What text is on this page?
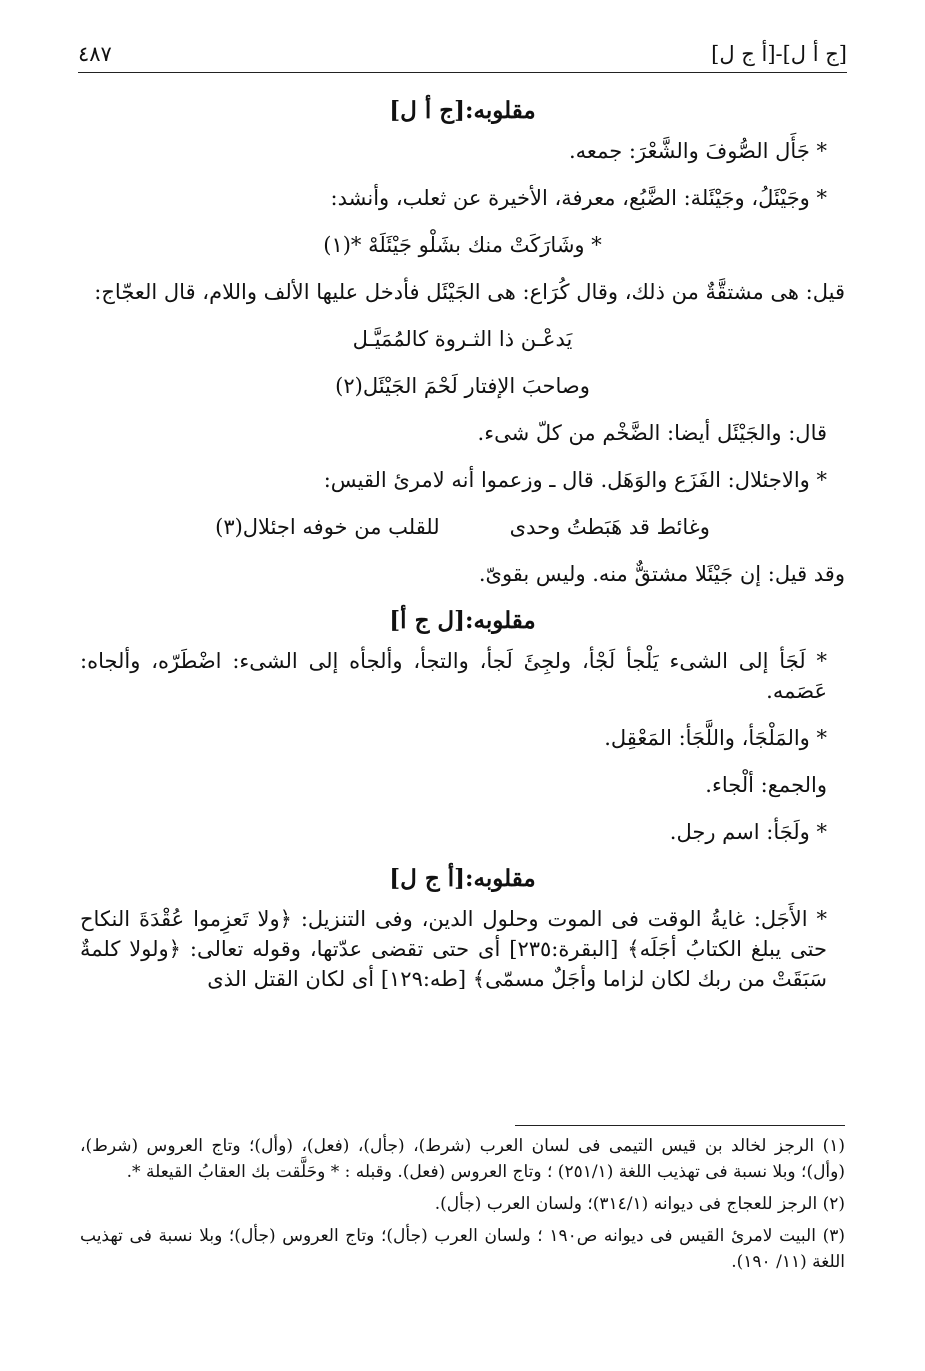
[ج أ ل]-[أ ج ل]
٤٨٧
مقلوبه:[ج أ ل]
* جَأَل الصُّوفَ والشَّعْرَ: جمعه.
* وجَيْئَلُ، وجَيْئَلة: الضَّبُع، معرفة، الأخيرة عن ثعلب، وأنشد:
* وشَارَكَتْ منك بشَلْو جَيْئَلَهْ *(١)
قيل: هى مشتقَّةٌ من ذلك، وقال كُرَاع: هى الجَيْئَل فأدخل عليها الألف واللام، قال العجّاج:
يَدعْـن ذا الثـروة كالمُمَيَّـل
وصاحبَ الإفتار لَحْمَ الجَيْئَل(٢)
قال: والجَيْئَل أيضا: الضَّخْم من كلّ شىء.
* والاجئلال: الفَزَع والوَهَل. قال ـ وزعموا أنه لامرئ القيس:
وغائط قد هَبَطتُ وحدى
للقلب من خوفه اجئلال(٣)
وقد قيل: إن جَيْئَلا مشتقٌّ منه. وليس بقوىّ.
مقلوبه:[ل ج أ]
* لَجَأ إلى الشىء يَلْجأ لَجْأ، ولجِئَ لَجأ، والتجأ، وألجأه إلى الشىء: اضْطَرّه، وألجاه: عَصَمه.
* والمَلْجَأ، واللَّجَأ: المَعْقِل.
والجمع: ألْجاء.
* ولَجَأ: اسم رجل.
مقلوبه:[أ ج ل]
* الأَجَل: غايةُ الوقت فى الموت وحلول الدين، وفى التنزيل: ﴿ولا تَعزِموا عُقْدَةَ النكاح حتى يبلغ الكتابُ أجَلَه﴾ [البقرة:٢٣٥] أى حتى تقضى عدّتها، وقوله تعالى: ﴿ولولا كلمةٌ سَبَقَتْ من ربك لكان لزاما وأجَلٌ مسمّى﴾ [طه:١٢٩] أى لكان القتل الذى
(١) الرجز لخالد بن قيس التيمى فى لسان العرب (شرط)، (جأل)، (فعل)، (وأل)؛ وتاج العروس (شرط)، (وأل)؛ وبلا نسبة فى تهذيب اللغة (٢٥١/١) ؛ وتاج العروس (فعل). وقبله : * وحَلَّقت بك العقابُ القيعلة *.
(٢) الرجز للعجاج فى ديوانه (٣١٤/١)؛ ولسان العرب (جأل).
(٣) البيت لامرئ القيس فى ديوانه ص١٩٠ ؛ ولسان العرب (جأل)؛ وتاج العروس (جأل)؛ وبلا نسبة فى تهذيب اللغة (١١/ ١٩٠).
